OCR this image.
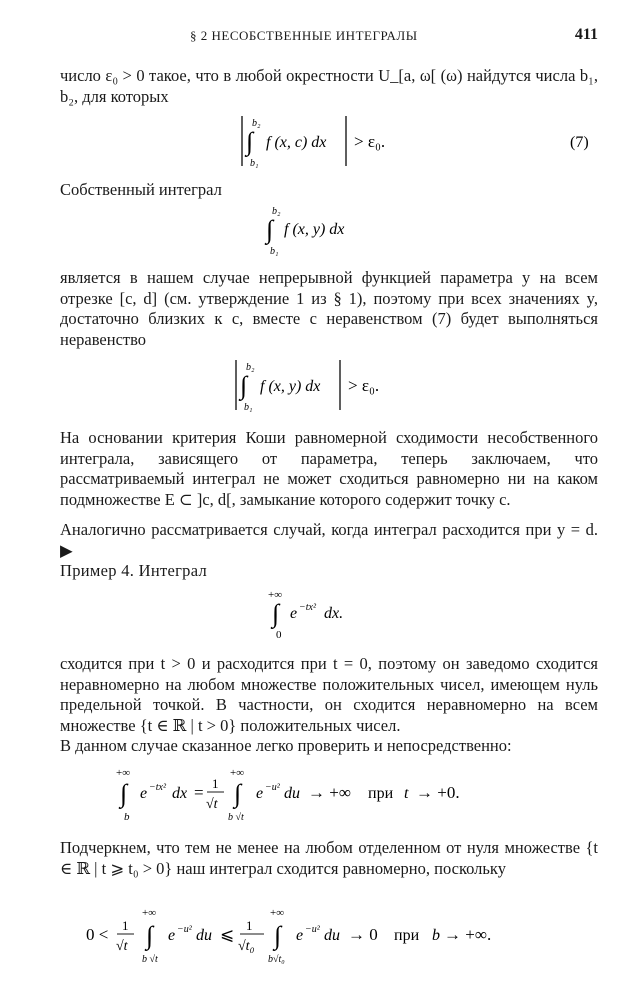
§ 2 НЕСОБСТВЕННЫЕ ИНТЕГРАЛЫ	411

число ε₀ > 0 такое, что в любой окрестности U_[a, ω[ (ω) найдутся числа b₁, b₂, для которых

b₂
∫
b₁
f (x, c) dx > ε₀.	(7)

Собственный интеграл

b₂
∫
b₁
f (x, y) dx

является в нашем случае непрерывной функцией параметра y на всем отрезке [c, d] (см. утверждение 1 из § 1), поэтому при всех значениях y, достаточно близких к c, вместе с неравенством (7) будет выполняться неравенство

b₂
∫
b₁
f (x, y) dx > ε₀.

На основании критерия Коши равномерной сходимости несобственного интеграла, зависящего от параметра, теперь заключаем, что рассматриваемый интеграл не может сходиться равномерно ни на каком подмножестве E ⊂ ]c, d[, замыкание которого содержит точку c.

Аналогично рассматривается случай, когда интеграл расходится при y = d. ▶

Пример 4. Интеграл

+∞
∫
0
e −tx² dx.

сходится при t > 0 и расходится при t = 0, поэтому он заведомо сходится неравномерно на любом множестве положительных чисел, имеющем нуль предельной точкой. В частности, он сходится неравномерно на всем множестве {t ∈ ℝ | t > 0} положительных чисел.

В данном случае сказанное легко проверить и непосредственно:

+∞
∫
b
e −tx² dx = 1
√t
+∞
∫
b √t
e −u² du → +∞ при t → +0.

Подчеркнем, что тем не менее на любом отделенном от нуля множестве {t ∈ ℝ | t ⩾ t₀ > 0} наш интеграл сходится равномерно, поскольку

0 < 1
√t
+∞
∫
b √t
e −u² du ⩽ 1
√t₀
+∞
∫
b√t₀
e −u² du → 0 при b → +∞.
